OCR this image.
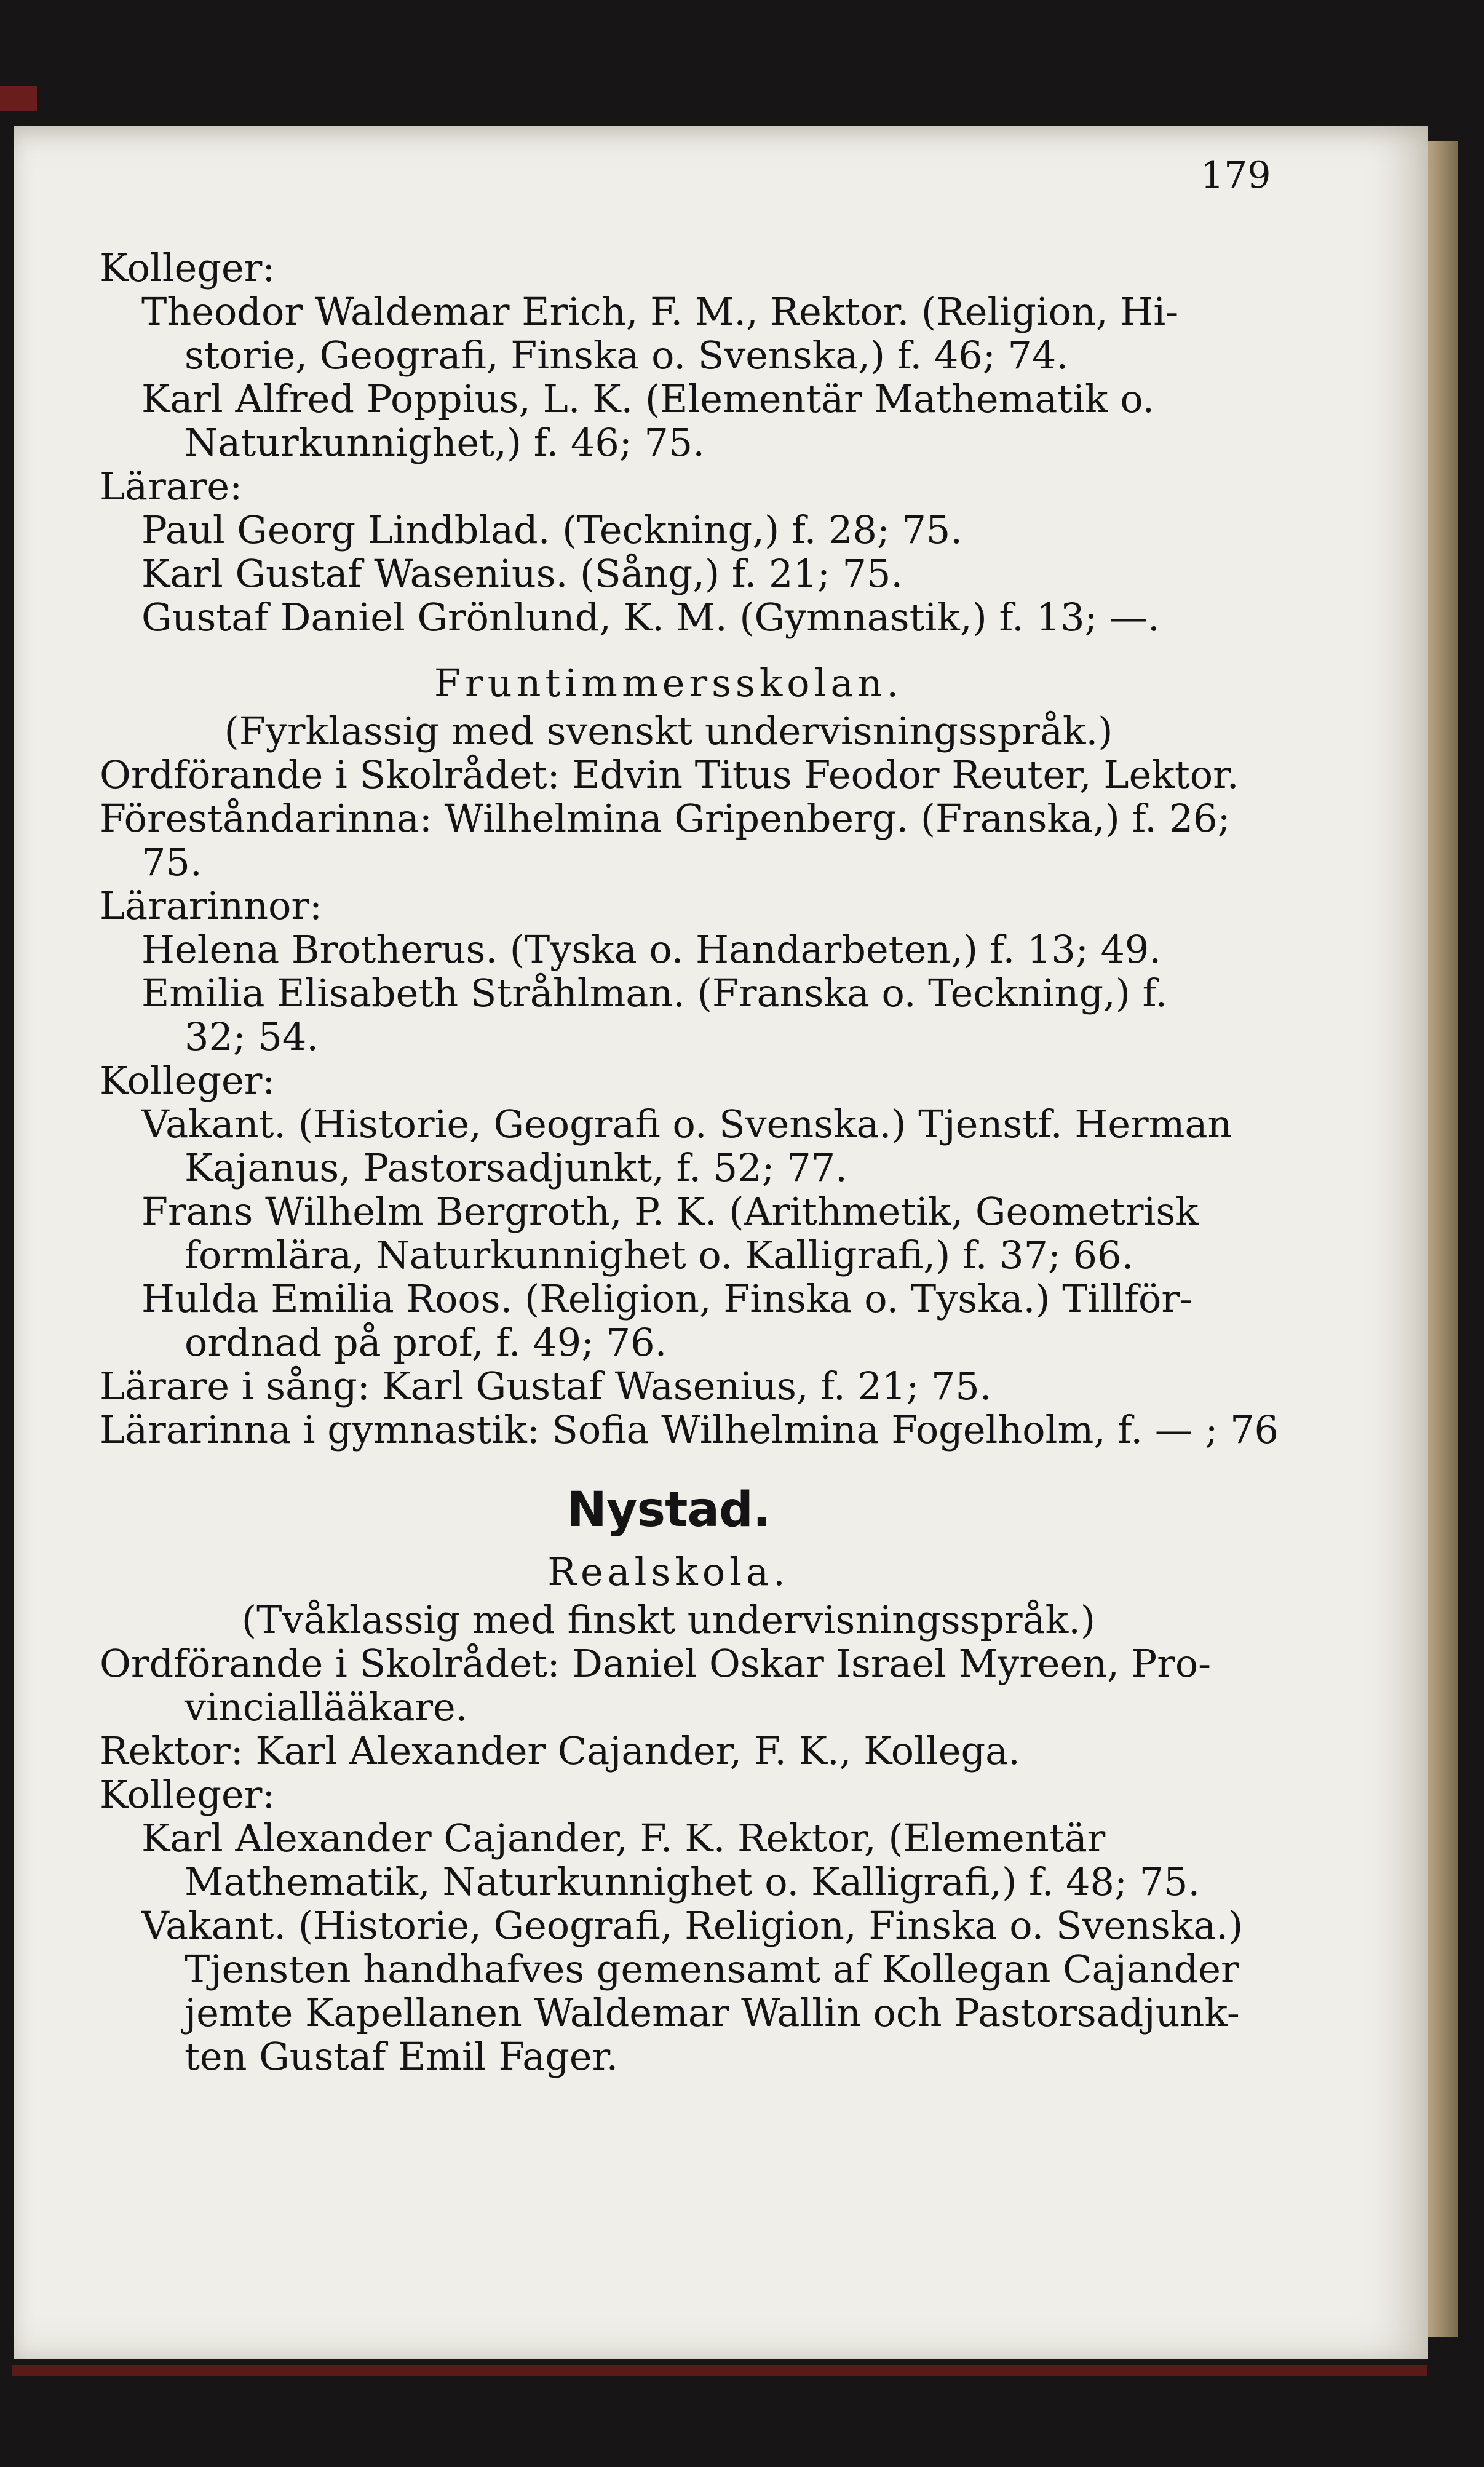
179
Kolleger:
Theodor Waldemar Erich, F. M., Rektor. (Religion, Hi-
storie, Geografi, Finska o. Svenska,) f. 46; 74.
Karl Alfred Poppius, L. K. (Elementär Mathematik o.
Naturkunnighet,) f. 46; 75.
Lärare:
Paul Georg Lindblad. (Teckning,) f. 28; 75.
Karl Gustaf Wasenius. (Sång,) f. 21; 75.
Gustaf Daniel Grönlund, K. M. (Gymnastik,) f. 13; —.
Fruntimmersskolan.
(Fyrklassig med svenskt undervisningsspråk.)
Ordförande i Skolrådet: Edvin Titus Feodor Reuter, Lektor.
Föreståndarinna: Wilhelmina Gripenberg. (Franska,) f. 26;
75.
Lärarinnor:
Helena Brotherus. (Tyska o. Handarbeten,) f. 13; 49.
Emilia Elisabeth Stråhlman. (Franska o. Teckning,) f.
32; 54.
Kolleger:
Vakant. (Historie, Geografi o. Svenska.) Tjenstf. Herman
Kajanus, Pastorsadjunkt, f. 52; 77.
Frans Wilhelm Bergroth, P. K. (Arithmetik, Geometrisk
formlära, Naturkunnighet o. Kalligrafi,) f. 37; 66.
Hulda Emilia Roos. (Religion, Finska o. Tyska.) Tillför-
ordnad på prof, f. 49; 76.
Lärare i sång: Karl Gustaf Wasenius, f. 21; 75.
Lärarinna i gymnastik: Sofia Wilhelmina Fogelholm, f. — ; 76
Nystad.
Realskola.
(Tvåklassig med finskt undervisningsspråk.)
Ordförande i Skolrådet: Daniel Oskar Israel Myreen, Pro-
vinciallääkare.
Rektor: Karl Alexander Cajander, F. K., Kollega.
Kolleger:
Karl Alexander Cajander, F. K. Rektor, (Elementär
Mathematik, Naturkunnighet o. Kalligrafi,) f. 48; 75.
Vakant. (Historie, Geografi, Religion, Finska o. Svenska.)
Tjensten handhafves gemensamt af Kollegan Cajander
jemte Kapellanen Waldemar Wallin och Pastorsadjunk-
ten Gustaf Emil Fager.
